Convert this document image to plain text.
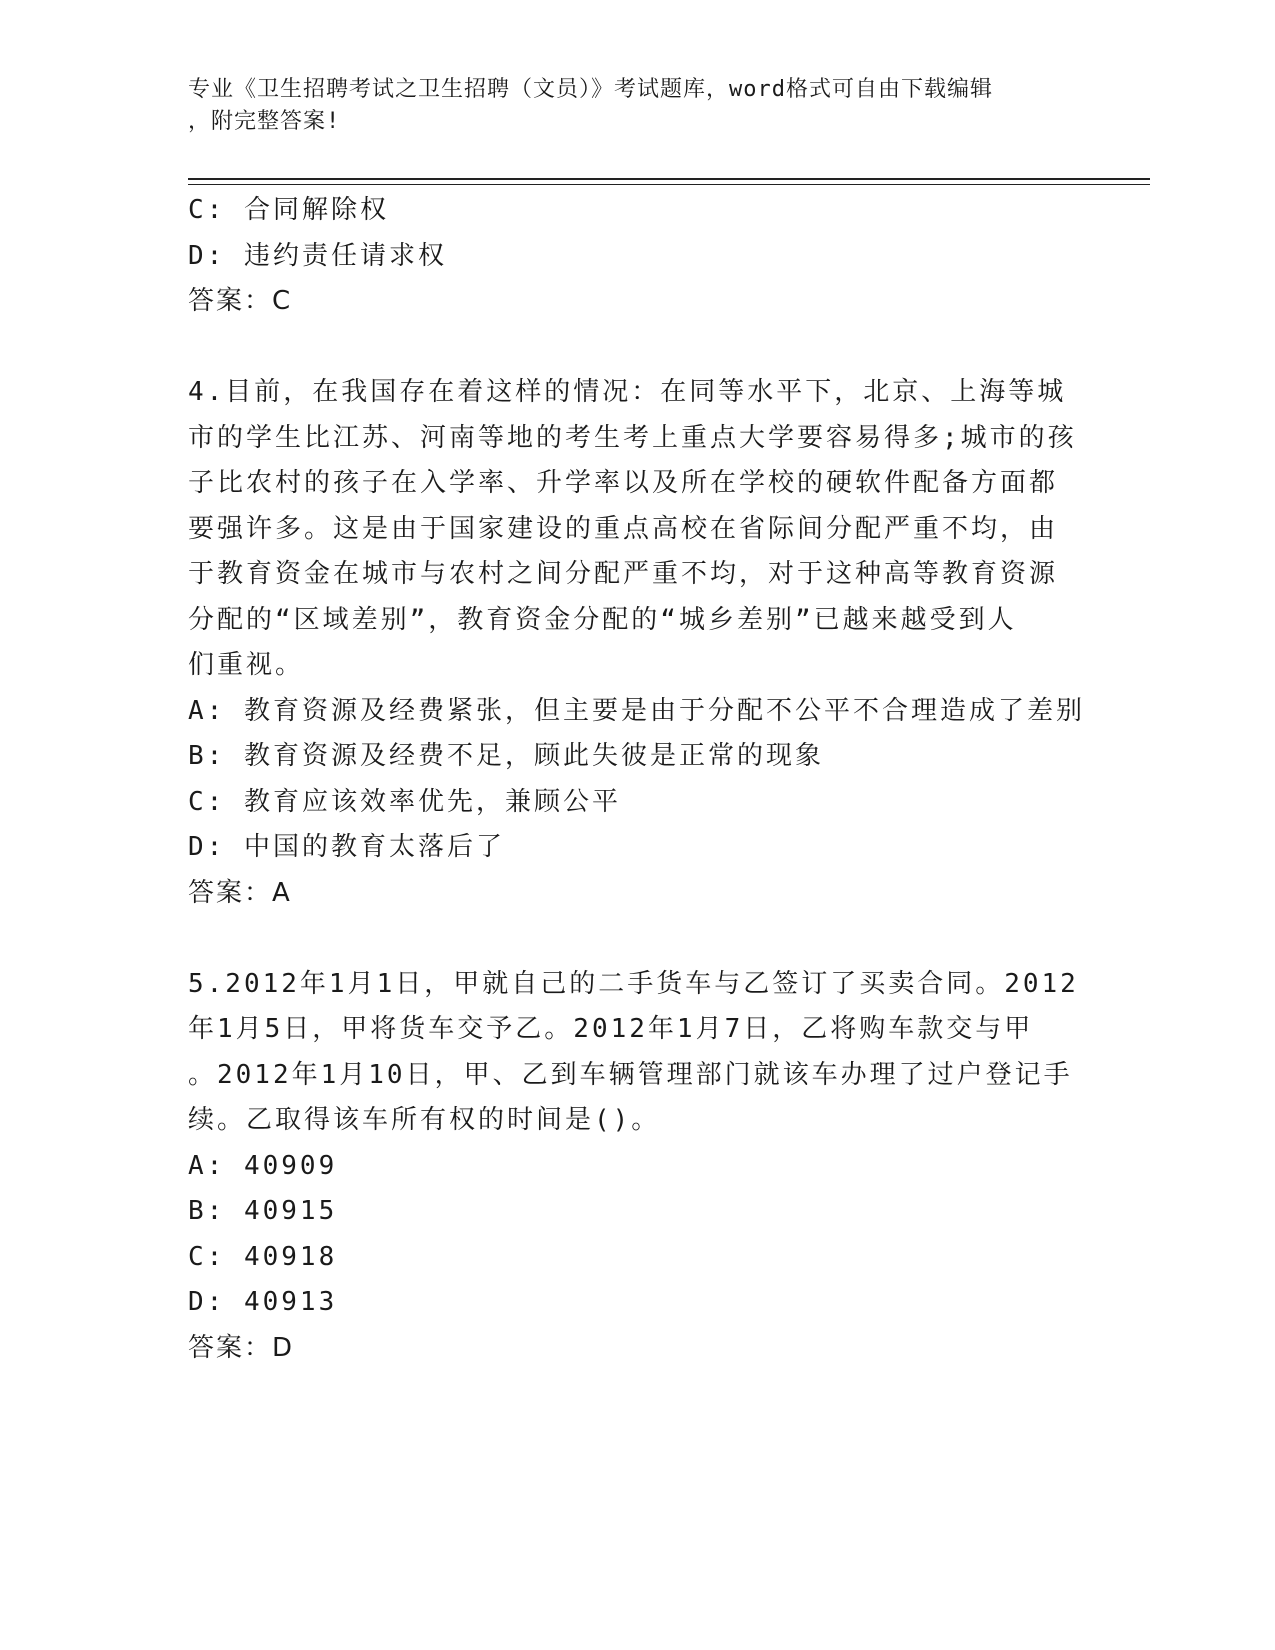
专业《卫生招聘考试之卫生招聘（文员）》考试题库，word格式可自由下载编辑
，附完整答案!
C: 合同解除权
D: 违约责任请求权
答案：C
4.目前，在我国存在着这样的情况：在同等水平下，北京、上海等城
市的学生比江苏、河南等地的考生考上重点大学要容易得多;城市的孩
子比农村的孩子在入学率、升学率以及所在学校的硬软件配备方面都
要强许多。这是由于国家建设的重点高校在省际间分配严重不均，由
于教育资金在城市与农村之间分配严重不均，对于这种高等教育资源
分配的“区域差别”，教育资金分配的“城乡差别”已越来越受到人
们重视。
A: 教育资源及经费紧张，但主要是由于分配不公平不合理造成了差别
B: 教育资源及经费不足，顾此失彼是正常的现象
C: 教育应该效率优先，兼顾公平
D: 中国的教育太落后了
答案：A
5.2012年1月1日，甲就自己的二手货车与乙签订了买卖合同。2012
年1月5日，甲将货车交予乙。2012年1月7日，乙将购车款交与甲
。2012年1月10日，甲、乙到车辆管理部门就该车办理了过户登记手
续。乙取得该车所有权的时间是()。
A: 40909
B: 40915
C: 40918
D: 40913
答案：D
